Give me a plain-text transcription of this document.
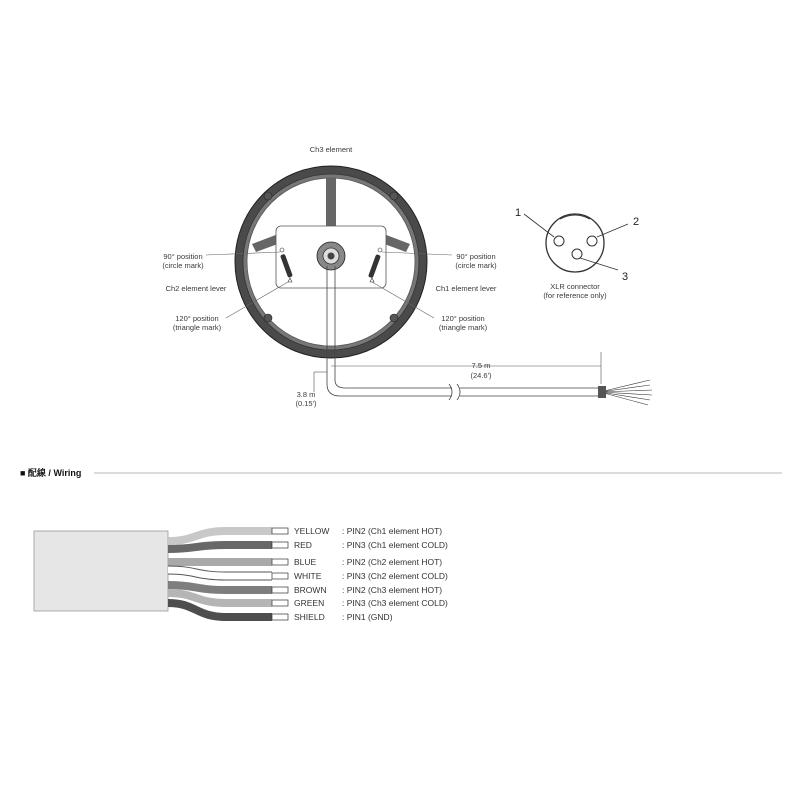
Ch3 element
90° position
(circle mark)
90° position
(circle mark)
Ch2 element lever	Ch1 element lever
120° position
(triangle mark)
120° position
(triangle mark)
7.5 m
(24.6')
3.8 m
(0.15')
1
2
3
XLR connector
(for reference only)
■ 配線 / Wiring
YELLOW : PIN2 (Ch1 element HOT)
RED	: PIN3 (Ch1 element COLD)
BLUE	: PIN2 (Ch2 element HOT)
WHITE : PIN3 (Ch2 element COLD)
BROWN : PIN2 (Ch3 element HOT)
GREEN : PIN3 (Ch3 element COLD)
SHIELD : PIN1 (GND)
